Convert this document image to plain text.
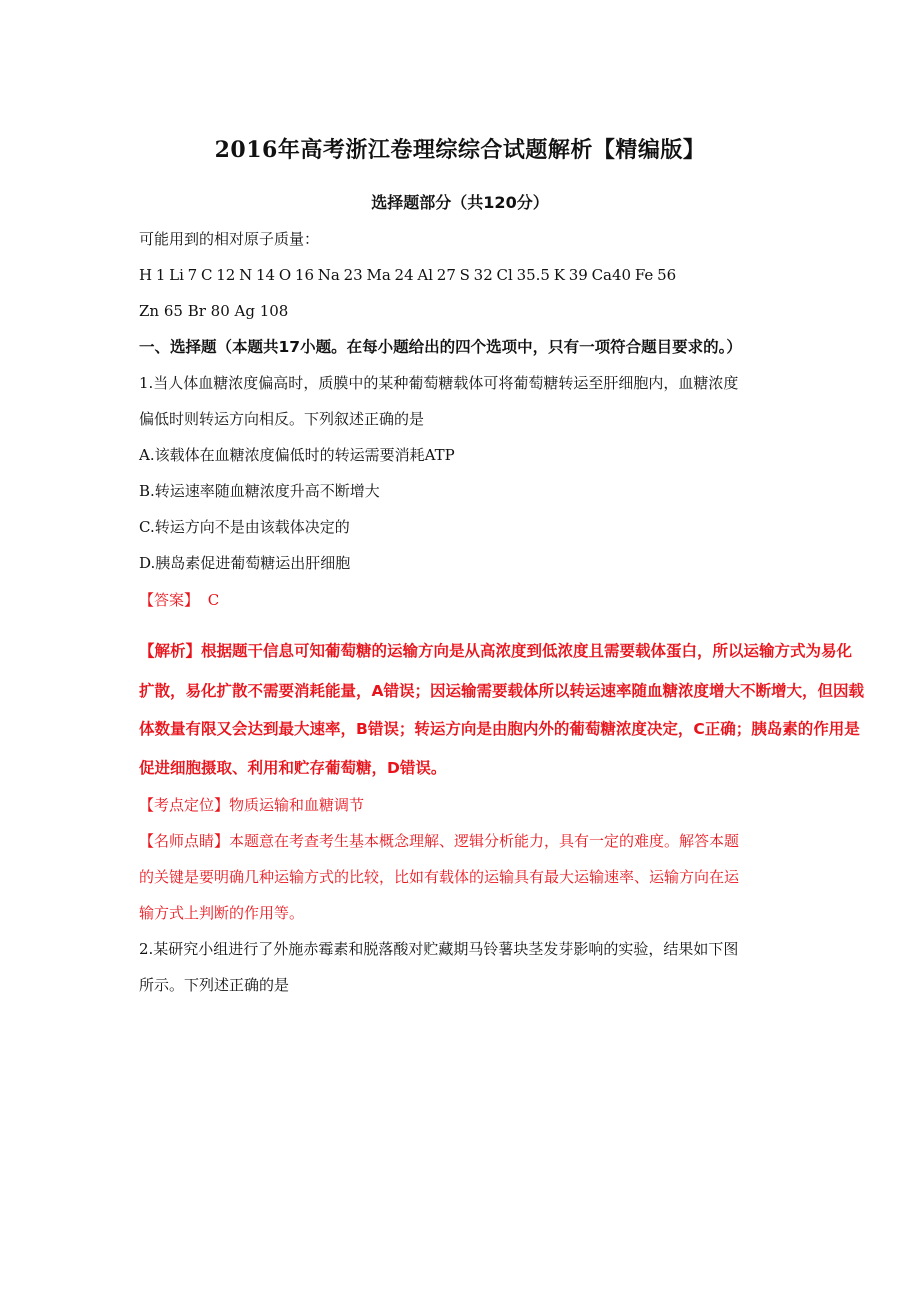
2016年高考浙江卷理综综合试题解析【精编版】
选择题部分（共120分）
可能用到的相对原子质量：
H 1 Li 7 C 12 N 14 O 16 Na 23 Ma 24 Al 27 S 32 Cl 35.5 K 39 Ca40 Fe 56
Zn 65 Br 80 Ag 108
一、选择题（本题共17小题。在每小题给出的四个选项中，只有一项符合题目要求的。）
1.当人体血糖浓度偏高时，质膜中的某种葡萄糖载体可将葡萄糖转运至肝细胞内，血糖浓度
偏低时则转运方向相反。下列叙述正确的是
A.该载体在血糖浓度偏低时的转运需要消耗ATP
B.转运速率随血糖浓度升高不断增大
C.转运方向不是由该载体决定的
D.胰岛素促进葡萄糖运出肝细胞
【答案】 C
【解析】根据题干信息可知葡萄糖的运输方向是从高浓度到低浓度且需要载体蛋白，所以运输方式为易化
扩散，易化扩散不需要消耗能量，A错误；因运输需要载体所以转运速率随血糖浓度增大不断增大，但因载
体数量有限又会达到最大速率，B错误；转运方向是由胞内外的葡萄糖浓度决定，C正确；胰岛素的作用是
促进细胞摄取、利用和贮存葡萄糖，D错误。
【考点定位】物质运输和血糖调节
【名师点睛】本题意在考查考生基本概念理解、逻辑分析能力，具有一定的难度。解答本题
的关键是要明确几种运输方式的比较，比如有载体的运输具有最大运输速率、运输方向在运
输方式上判断的作用等。
2.某研究小组进行了外施赤霉素和脱落酸对贮藏期马铃薯块茎发芽影响的实验，结果如下图
所示。下列述正确的是
